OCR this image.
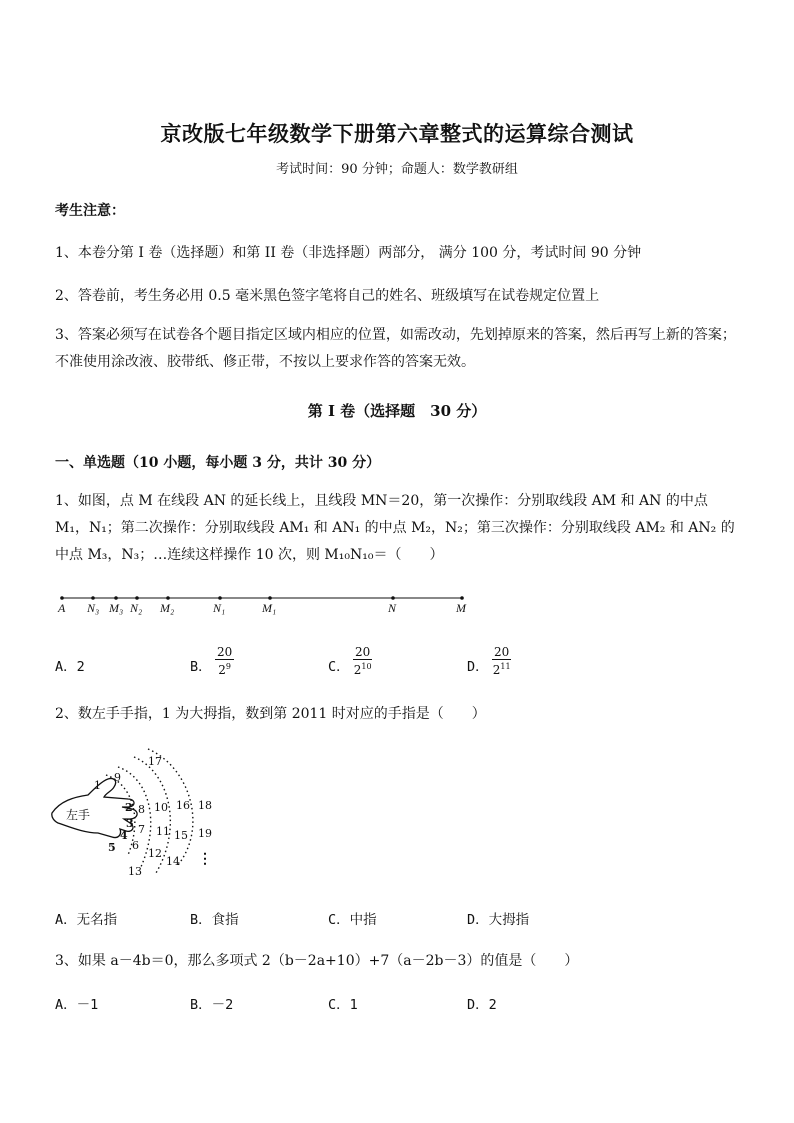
京改版七年级数学下册第六章整式的运算综合测试
考试时间：90 分钟；命题人：数学教研组
考生注意：
1、本卷分第 I 卷（选择题）和第 II 卷（非选择题）两部分， 满分 100 分，考试时间 90 分钟
2、答卷前，考生务必用 0.5 毫米黑色签字笔将自己的姓名、班级填写在试卷规定位置上
3、答案必须写在试卷各个题目指定区域内相应的位置，如需改动，先划掉原来的答案，然后再写上新的答案；不准使用涂改液、胶带纸、修正带，不按以上要求作答的答案无效。
第 I 卷（选择题　30 分）
一、单选题（10 小题，每小题 3 分，共计 30 分）
1、如图，点 M 在线段 AN 的延长线上，且线段 MN＝20，第一次操作：分别取线段 AM 和 AN 的中点 M₁，N₁；第二次操作：分别取线段 AM₁ 和 AN₁ 的中点 M₂，N₂；第三次操作：分别取线段 AM₂ 和 AN₂ 的中点 M₃，N₃；…连续这样操作 10 次，则 M₁₀N₁₀＝（　　）
A N₃ M₃ N₂ M₂	N₁	M₁	N	M
A．2	B． $\frac{20}{2^9}$	C． $\frac{20}{2^{10}}$	D． $\frac{20}{2^{11}}$
2、数左手手指，1 为大拇指，数到第 2011 时对应的手指是（　　）
左手
1
2
3
4
5 6
7
8
9
10
11
12
13
14
15
16
17
18
19
⋮
A．无名指	B．食指	C．中指	D．大拇指
3、如果 a－4b＝0，那么多项式 2（b－2a+10）+7（a－2b－3）的值是（　　）
A．－1	B．－2	C．1	D．2
